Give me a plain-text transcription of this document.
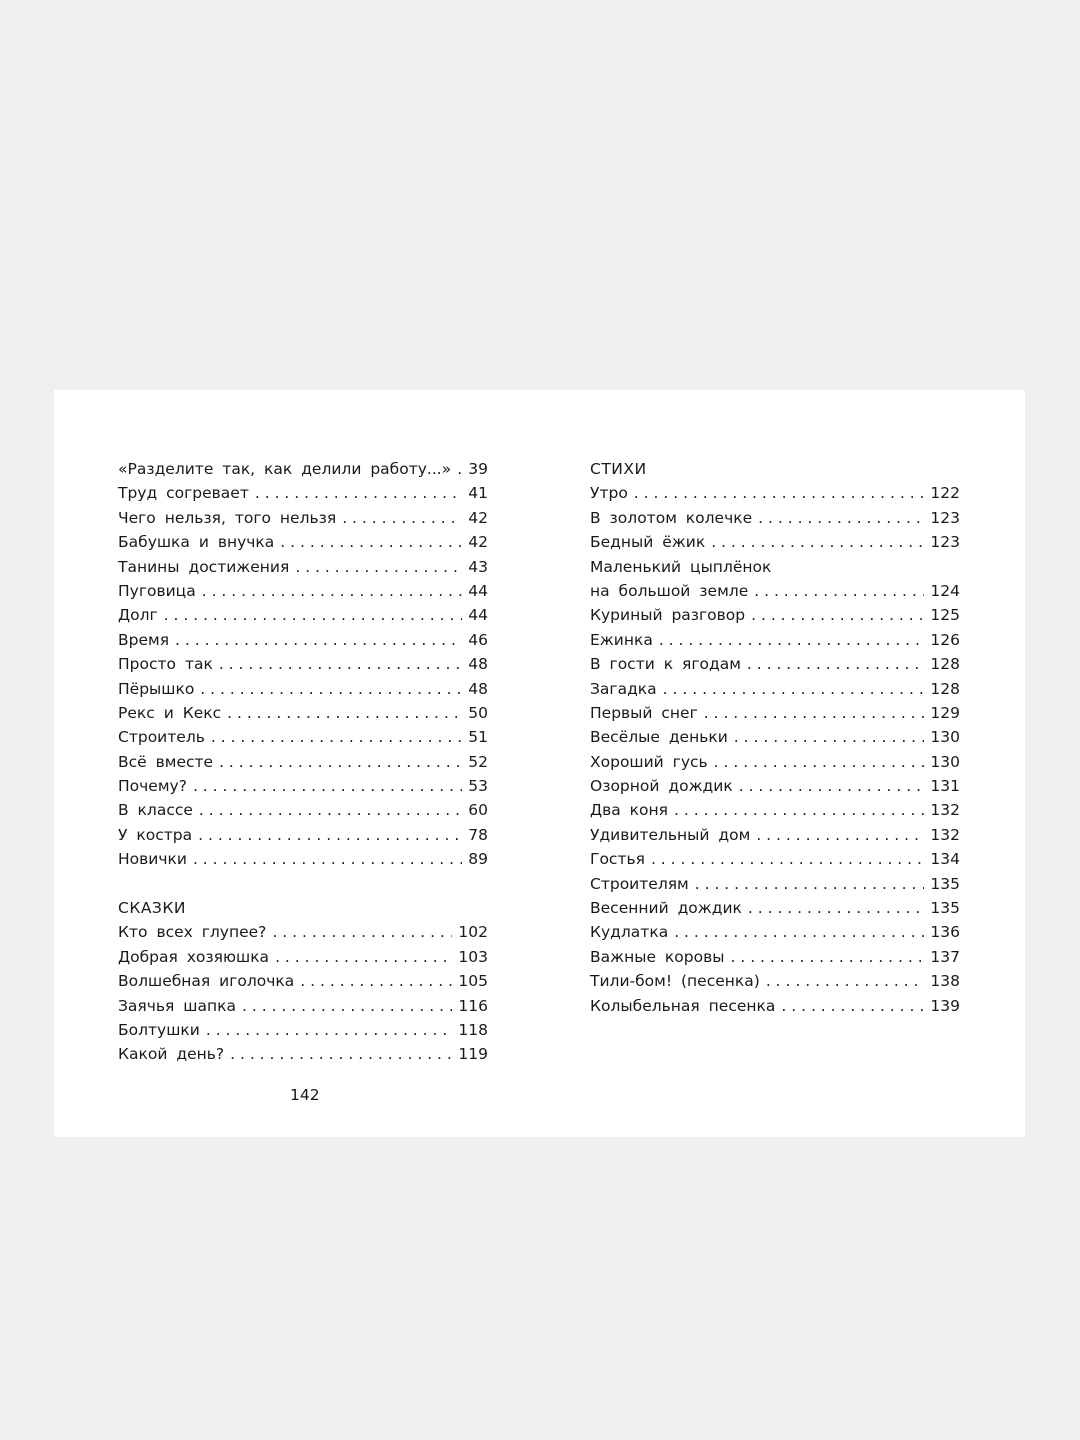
«Разделите так, как делили работу...» . . . 39
Труд согревает . . .	41
Чего нельзя, того нельзя . . .	42
Бабушка и внучка . . .	42
Танины достижения . . .	43
Пуговица . . .	44
Долг . . .	44
Время . . .	46
Просто так . . .	48
Пёрышко . . .	48
Рекс и Кекс . . .	50
Строитель . . .	51
Всё вместе . . .	52
Почему? . . .	53
В классе . . .	60
У костра . . .	78
Новички . . .	89
СКАЗКИ
Кто всех глупее? . . .	102
Добрая хозяюшка . . .	103
Волшебная иголочка . . .	105
Заячья шапка . . .	116
Болтушки . . .	118
Какой день? . . .	119
СТИХИ
Утро . . .	122
В золотом колечке . . .	123
Бедный ёжик . . .	123
Маленький цыплёнок
на большой земле . . .	124
Куриный разговор . . .	125
Ежинка . . .	126
В гости к ягодам . . .	128
Загадка . . .	128
Первый снег . . .	129
Весёлые деньки . . .	130
Хороший гусь . . .	130
Озорной дождик . . .	131
Два коня . . .	132
Удивительный дом . . .	132
Гостья . . .	134
Строителям . . .	135
Весенний дождик . . .	135
Кудлатка . . .	136
Важные коровы . . .	137
Тили-бом! (песенка) . . .	138
Колыбельная песенка . . .	139
142
